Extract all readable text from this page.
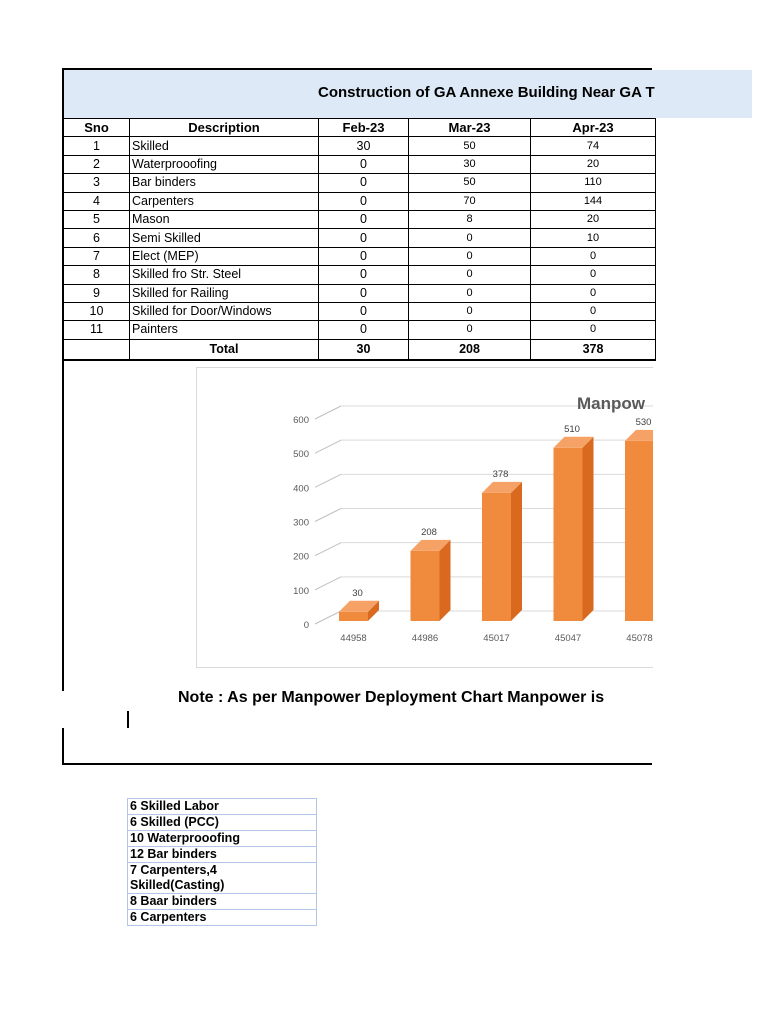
Construction of GA Annexe Building Near GA T
Sno	Description	Feb-23	Mar-23	Apr-23
1	Skilled	30	50	74
2	Waterprooofing	0	30	20
3	Bar binders	0	50	110
4	Carpenters	0	70	144
5	Mason	0	8	20
6	Semi Skilled	0	0	10
7	Elect (MEP)	0	0	0
8	Skilled fro Str. Steel	0	0	0
9	Skilled for Railing	0	0	0
10	Skilled for Door/Windows	0	0	0
11	Painters	0	0	0
	Total	30	208	378
Manpow
0
100
200
300
400
500
600
30
44958
208
44986
378
45017
510
45047
530
45078
Note : As per Manpower Deployment Chart Manpower is
6 Skilled Labor
6 Skilled (PCC)
10 Waterprooofing
12 Bar binders
7 Carpenters,4 Skilled(Casting)
8 Baar binders
6 Carpenters
